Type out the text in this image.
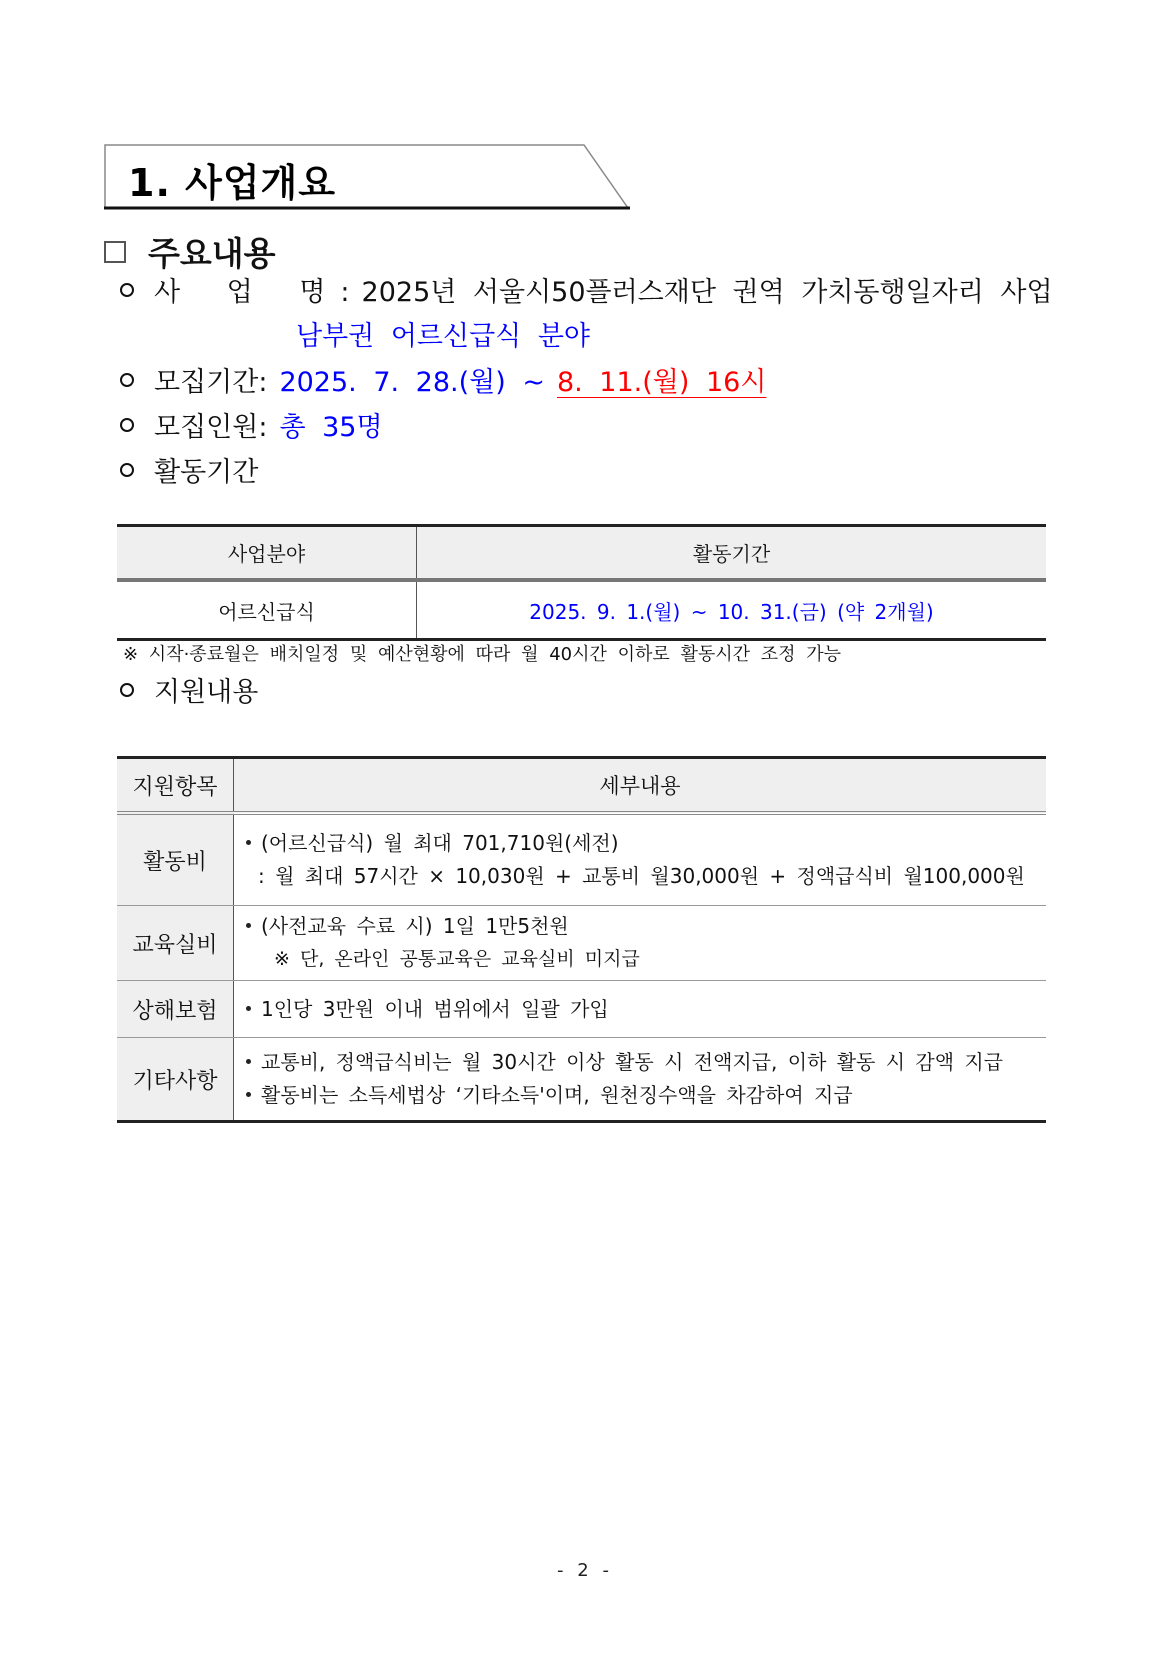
1. 사업개요
주요내용
사 업 명: 2025년 서울시50플러스재단 권역 가치동행일자리 사업
남부권 어르신급식 분야
모집기간: 2025. 7. 28.(월) ~ 8. 11.(월) 16시
모집인원: 총 35명
활동기간
사업분야	활동기간
어르신급식	2025. 9. 1.(월) ~ 10. 31.(금) (약 2개월)
※ 시작·종료월은 배치일정 및 예산현황에 따라 월 40시간 이하로 활동시간 조정 가능
지원내용
지원항목	세부내용
활동비	(어르신급식) 월 최대 701,710원(세전)
: 월 최대 57시간 × 10,030원 + 교통비 월30,000원 + 정액급식비 월100,000원

교육실비	(사전교육 수료 시) 1일 1만5천원
※ 단, 온라인 공통교육은 교육실비 미지급

상해보험	1인당 3만원 이내 범위에서 일괄 가입

기타사항	교통비, 정액급식비는 월 30시간 이상 활동 시 전액지급, 이하 활동 시 감액 지급
활동비는 소득세법상 ‘기타소득'이며, 원천징수액을 차감하여 지급
- 2 -
